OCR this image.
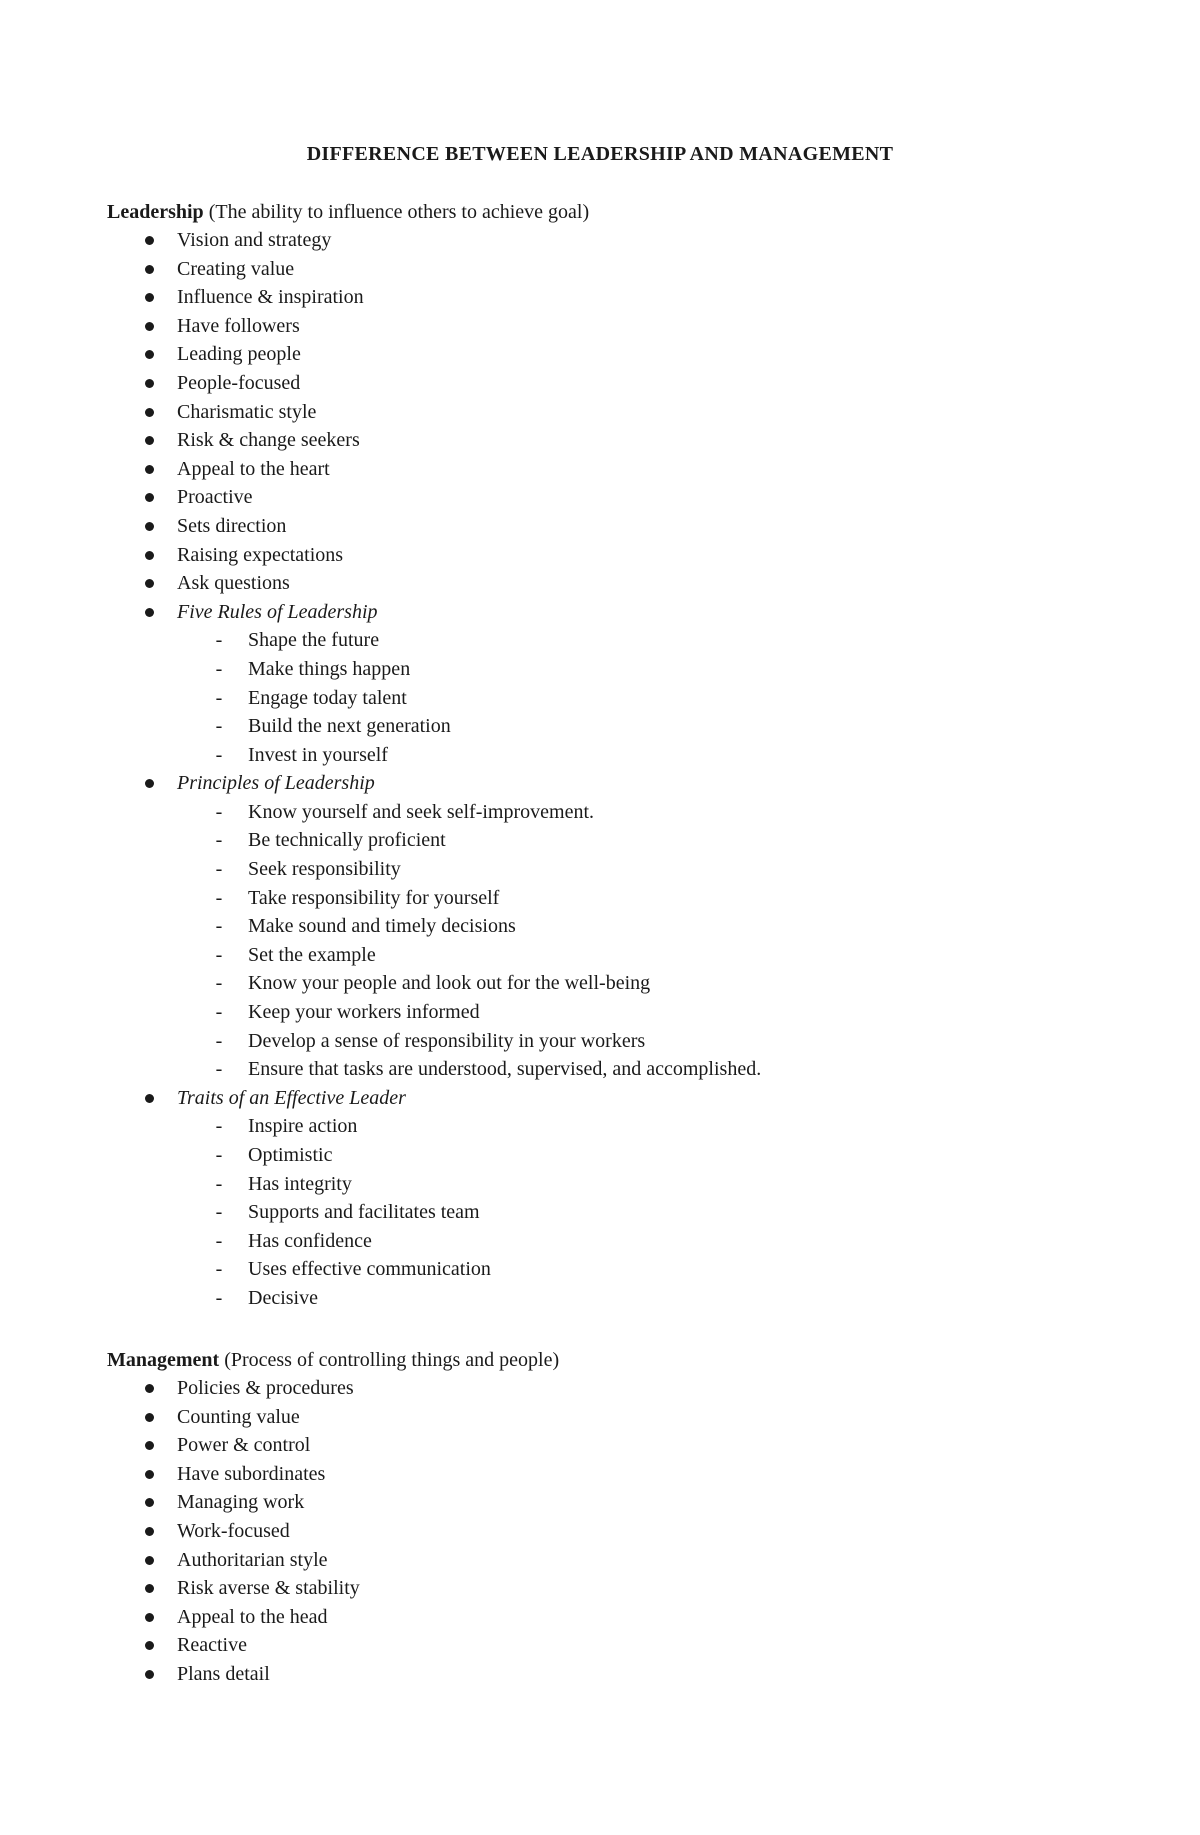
DIFFERENCE BETWEEN LEADERSHIP AND MANAGEMENT
Leadership (The ability to influence others to achieve goal)
Vision and strategy
Creating value
Influence & inspiration
Have followers
Leading people
People-focused
Charismatic style
Risk & change seekers
Appeal to the heart
Proactive
Sets direction
Raising expectations
Ask questions
Five Rules of Leadership
- Shape the future
- Make things happen
- Engage today talent
- Build the next generation
- Invest in yourself
Principles of Leadership
- Know yourself and seek self-improvement.
- Be technically proficient
- Seek responsibility
- Take responsibility for yourself
- Make sound and timely decisions
- Set the example
- Know your people and look out for the well-being
- Keep your workers informed
- Develop a sense of responsibility in your workers
- Ensure that tasks are understood, supervised, and accomplished.
Traits of an Effective Leader
- Inspire action
- Optimistic
- Has integrity
- Supports and facilitates team
- Has confidence
- Uses effective communication
- Decisive
Management (Process of controlling things and people)
Policies & procedures
Counting value
Power & control
Have subordinates
Managing work
Work-focused
Authoritarian style
Risk averse & stability
Appeal to the head
Reactive
Plans detail
